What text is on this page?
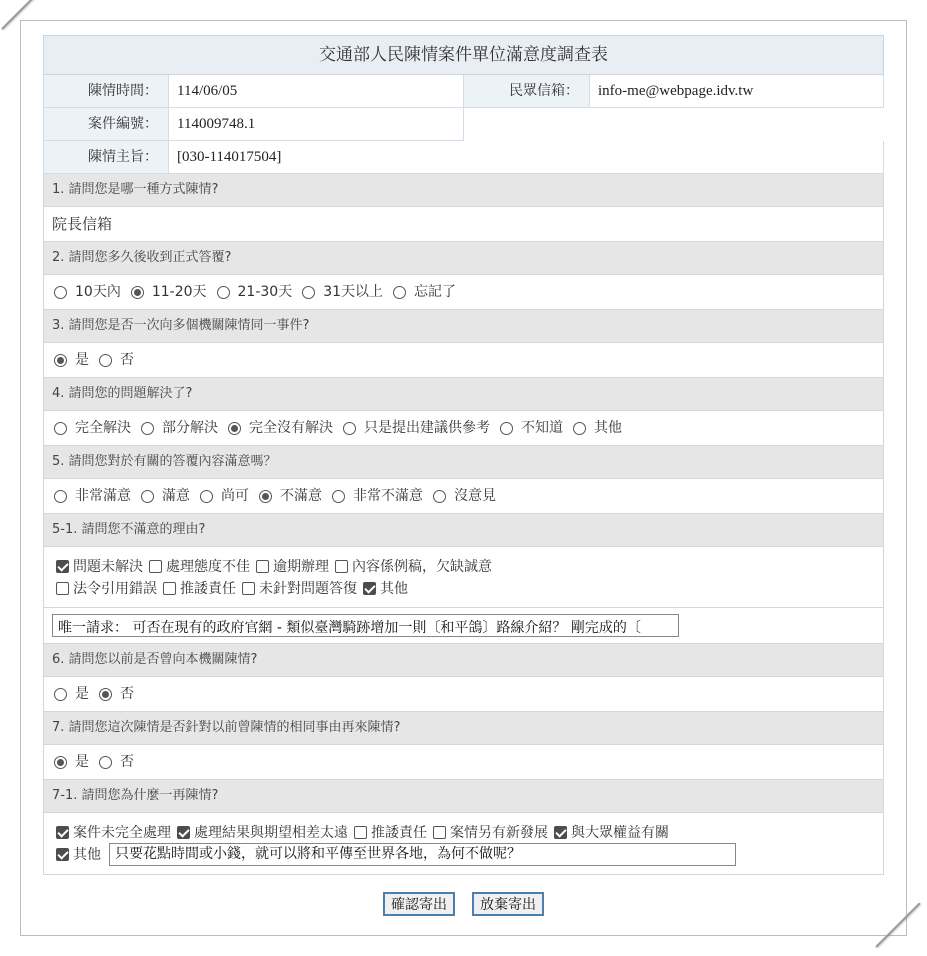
交通部人民陳情案件單位滿意度調查表
陳情時間：	114/06/05	民眾信箱：	info-me@webpage.idv.tw
案件編號：	114009748.1
陳情主旨：	[030-114017504]
1. 請問您是哪一種方式陳情?
院長信箱
2. 請問您多久後收到正式答覆?
10天內 11-20天 21-30天 31天以上 忘記了
3. 請問您是否一次向多個機關陳情同一事件?
是 否
4. 請問您的問題解決了?
完全解決 部分解決 完全沒有解決 只是提出建議供參考 不知道 其他
5. 請問您對於有關的答覆內容滿意嗎？
非常滿意 滿意 尚可 不滿意 非常不滿意 沒意見
5-1. 請問您不滿意的理由?
問題未解決 處理態度不佳 逾期辦理 內容係例稿，欠缺誠意
法令引用錯誤 推諉責任 未針對問題答復 其他
唯一請求： 可否在現有的政府官網 - 類似臺灣騎跡增加一則〔和平鴿〕路線介紹？ 剛完成的〔
6. 請問您以前是否曾向本機關陳情?
是 否
7. 請問您這次陳情是否針對以前曾陳情的相同事由再來陳情?
是 否
7-1. 請問您為什麼一再陳情?
案件未完全處理 處理結果與期望相差太遠 推諉責任 案情另有新發展 與大眾權益有關
其他	只要花點時間或小錢，就可以將和平傳至世界各地，為何不做呢？
確認寄出 放棄寄出
